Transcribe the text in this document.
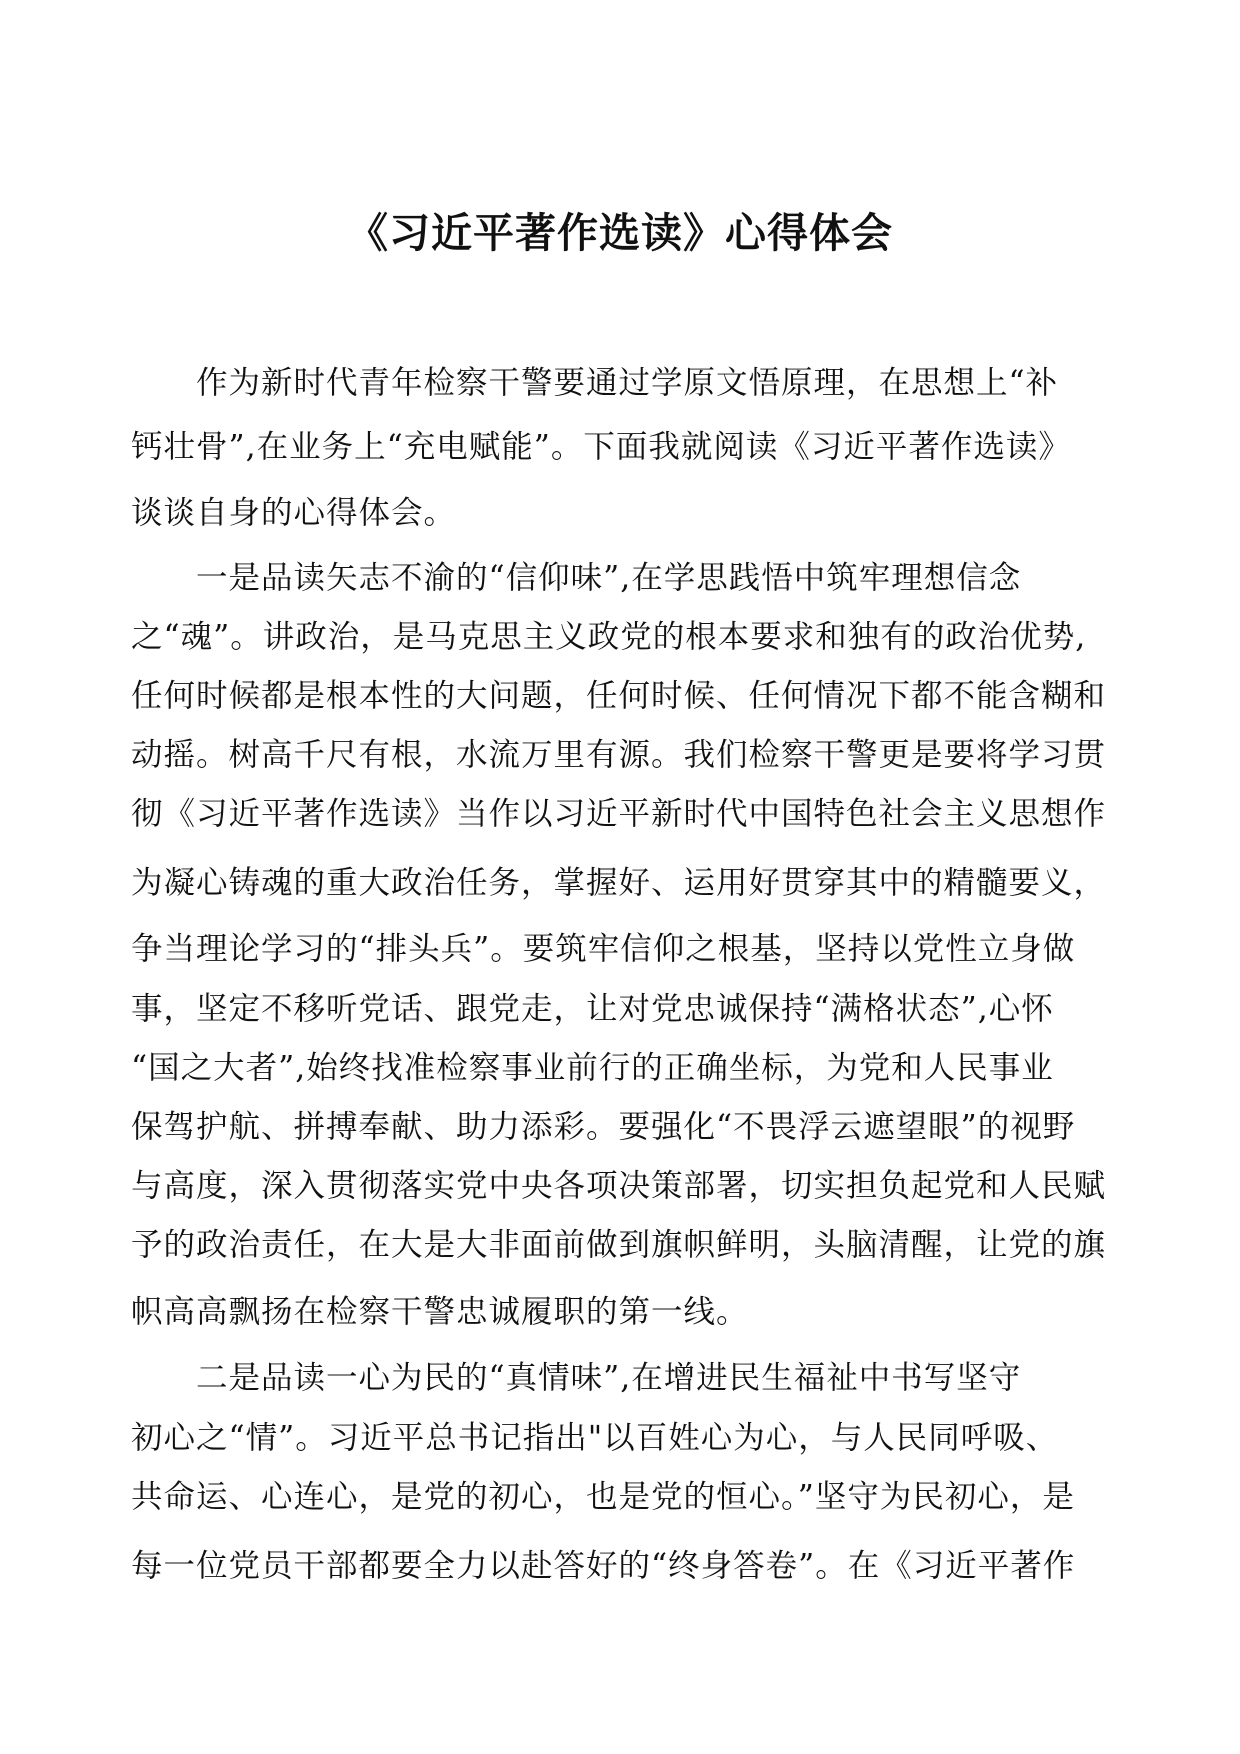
《习近平著作选读》心得体会

作为新时代青年检察干警要通过学原文悟原理，在思想上“补

钙壮骨”,在业务上“充电赋能”。下面我就阅读《习近平著作选读》

谈谈自身的心得体会。

一是品读矢志不渝的“信仰味”,在学思践悟中筑牢理想信念

之“魂”。讲政治，是马克思主义政党的根本要求和独有的政治优势,

任何时候都是根本性的大问题，任何时候、任何情况下都不能含糊和

动摇。树高千尺有根，水流万里有源。我们检察干警更是要将学习贯

彻《习近平著作选读》当作以习近平新时代中国特色社会主义思想作

为凝心铸魂的重大政治任务，掌握好、运用好贯穿其中的精髓要义，

争当理论学习的“排头兵”。要筑牢信仰之根基，坚持以党性立身做

事，坚定不移听党话、跟党走，让对党忠诚保持“满格状态”,心怀

“国之大者”,始终找准检察事业前行的正确坐标，为党和人民事业

保驾护航、拼搏奉献、助力添彩。要强化“不畏浮云遮望眼”的视野

与高度，深入贯彻落实党中央各项决策部署，切实担负起党和人民赋

予的政治责任，在大是大非面前做到旗帜鲜明，头脑清醒，让党的旗

帜高高飘扬在检察干警忠诚履职的第一线。

二是品读一心为民的“真情味”,在增进民生福祉中书写坚守

初心之“情”。习近平总书记指出"以百姓心为心，与人民同呼吸、

共命运、心连心，是党的初心，也是党的恒心。”坚守为民初心，是

每一位党员干部都要全力以赴答好的“终身答卷”。在《习近平著作
